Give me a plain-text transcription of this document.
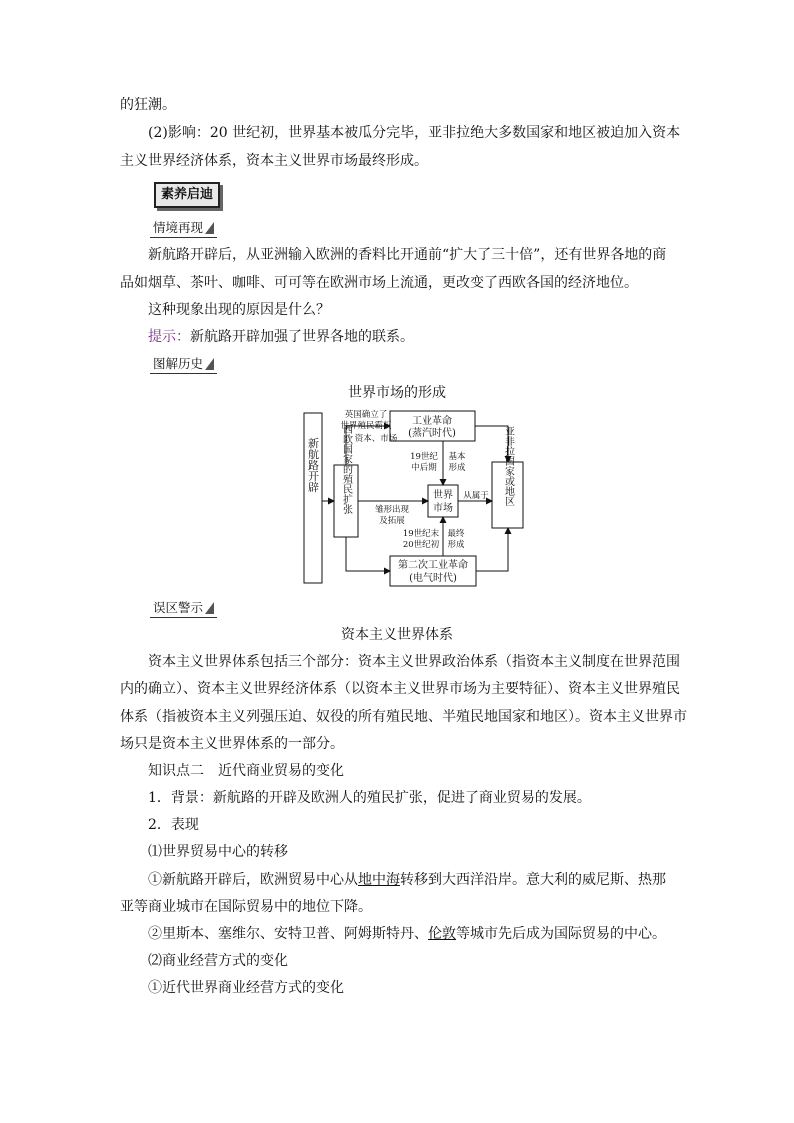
的狂潮。
(2)影响：20 世纪初，世界基本被瓜分完毕，亚非拉绝大多数国家和地区被迫加入资本
主义世界经济体系，资本主义世界市场最终形成。
素养启迪
情境再现
新航路开辟后，从亚洲输入欧洲的香料比开通前“扩大了三十倍”，还有世界各地的商
品如烟草、茶叶、咖啡、可可等在欧洲市场上流通，更改变了西欧各国的经济地位。
这种现象出现的原因是什么？
提示：新航路开辟加强了世界各地的联系。
图解历史
世界市场的形成
新航路开辟 西欧国家的殖民扩张
工业革命
(蒸汽时代)
第二次工业革命
(电气时代)
世界
市场
亚非拉国家或地区
英国确立了
世界殖民霸权
资本、市场
19世纪
中后期
基本
形成
雏形出现
及拓展
从属于
19世纪末
20世纪初
最终
形成
误区警示
资本主义世界体系
资本主义世界体系包括三个部分：资本主义世界政治体系（指资本主义制度在世界范围
内的确立）、资本主义世界经济体系（以资本主义世界市场为主要特征）、资本主义世界殖民
体系（指被资本主义列强压迫、奴役的所有殖民地、半殖民地国家和地区）。资本主义世界市
场只是资本主义世界体系的一部分。
知识点二　近代商业贸易的变化
1．背景：新航路的开辟及欧洲人的殖民扩张，促进了商业贸易的发展。
2．表现
⑴世界贸易中心的转移
①新航路开辟后，欧洲贸易中心从地中海转移到大西洋沿岸。意大利的威尼斯、热那
亚等商业城市在国际贸易中的地位下降。
②里斯本、塞维尔、安特卫普、阿姆斯特丹、伦敦等城市先后成为国际贸易的中心。
⑵商业经营方式的变化
①近代世界商业经营方式的变化
